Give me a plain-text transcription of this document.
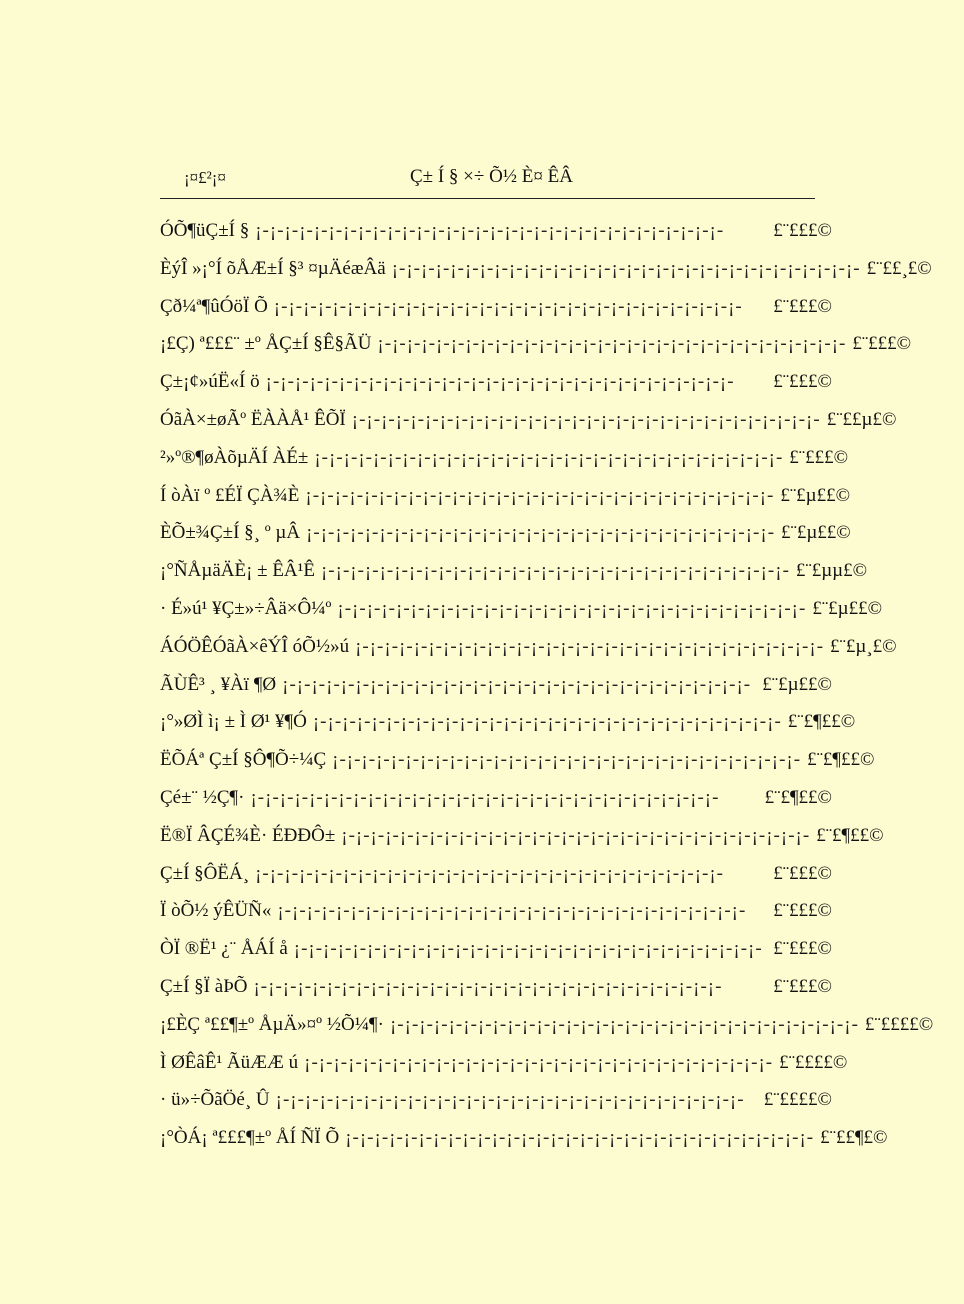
¡¤£²¡¤	Ç± Í § ×÷ Õ½ È¤ ÊÂ
ÓÕ¶üÇ±Í § ¡-¡-¡-¡-¡-¡-¡-¡-¡-¡-¡-¡-¡-¡-¡-¡-¡-¡-¡-¡-¡-¡-¡-¡-¡-¡-¡-¡-¡-¡-¡-¡-	£¨£££©
ÈýÎ »¡°Í õÅÆ±Í §³ ¤µÄéæÂä ¡-¡-¡-¡-¡-¡-¡-¡-¡-¡-¡-¡-¡-¡-¡-¡-¡-¡-¡-¡-¡-¡-¡-¡-¡-¡-¡-¡-¡-¡-¡-¡- £¨££¸£©
Çð¼ª¶ûÓöÏ Õ ¡-¡-¡-¡-¡-¡-¡-¡-¡-¡-¡-¡-¡-¡-¡-¡-¡-¡-¡-¡-¡-¡-¡-¡-¡-¡-¡-¡-¡-¡-¡-¡-	£¨£££©
¡£Ç) ª£££¨ ±º ÅÇ±Í §Ê§ÃÜ ¡-¡-¡-¡-¡-¡-¡-¡-¡-¡-¡-¡-¡-¡-¡-¡-¡-¡-¡-¡-¡-¡-¡-¡-¡-¡-¡-¡-¡-¡-¡-¡- £¨£££©
Ç±¡¢»úË«Í ö ¡-¡-¡-¡-¡-¡-¡-¡-¡-¡-¡-¡-¡-¡-¡-¡-¡-¡-¡-¡-¡-¡-¡-¡-¡-¡-¡-¡-¡-¡-¡-¡-	£¨£££©
ÓãÀ×±øÃº ËÀÀÅ¹ ÊÕÏ ¡-¡-¡-¡-¡-¡-¡-¡-¡-¡-¡-¡-¡-¡-¡-¡-¡-¡-¡-¡-¡-¡-¡-¡-¡-¡-¡-¡-¡-¡-¡-¡- £¨££µ£©
²»º®¶øÀõµÄÍ ÀÉ± ¡-¡-¡-¡-¡-¡-¡-¡-¡-¡-¡-¡-¡-¡-¡-¡-¡-¡-¡-¡-¡-¡-¡-¡-¡-¡-¡-¡-¡-¡-¡-¡- £¨£££©
Í òÀï º £ÉÏ ÇÀ¾È ¡-¡-¡-¡-¡-¡-¡-¡-¡-¡-¡-¡-¡-¡-¡-¡-¡-¡-¡-¡-¡-¡-¡-¡-¡-¡-¡-¡-¡-¡-¡-¡- £¨£µ££©
ÈÕ±¾Ç±Í §¸ º µÂ ¡-¡-¡-¡-¡-¡-¡-¡-¡-¡-¡-¡-¡-¡-¡-¡-¡-¡-¡-¡-¡-¡-¡-¡-¡-¡-¡-¡-¡-¡-¡-¡- £¨£µ££©
¡°ÑÅµäÄÈ¡ ± ÊÂ¹Ê ¡-¡-¡-¡-¡-¡-¡-¡-¡-¡-¡-¡-¡-¡-¡-¡-¡-¡-¡-¡-¡-¡-¡-¡-¡-¡-¡-¡-¡-¡-¡-¡- £¨£µµ£©
· É»ú¹ ¥Ç±»÷Âä×Ô¼º ¡-¡-¡-¡-¡-¡-¡-¡-¡-¡-¡-¡-¡-¡-¡-¡-¡-¡-¡-¡-¡-¡-¡-¡-¡-¡-¡-¡-¡-¡-¡-¡- £¨£µ££©
ÁÓÖÊÓãÀ×êÝÎ óÕ½»ú ¡-¡-¡-¡-¡-¡-¡-¡-¡-¡-¡-¡-¡-¡-¡-¡-¡-¡-¡-¡-¡-¡-¡-¡-¡-¡-¡-¡-¡-¡-¡-¡- £¨£µ¸£©
ÃÙÊ³ ¸ ¥Àï ¶Ø ¡-¡-¡-¡-¡-¡-¡-¡-¡-¡-¡-¡-¡-¡-¡-¡-¡-¡-¡-¡-¡-¡-¡-¡-¡-¡-¡-¡-¡-¡-¡-¡- £¨£µ££©
¡°»ØÌ ì¡ ± Ì Ø¹ ¥¶Ó ¡-¡-¡-¡-¡-¡-¡-¡-¡-¡-¡-¡-¡-¡-¡-¡-¡-¡-¡-¡-¡-¡-¡-¡-¡-¡-¡-¡-¡-¡-¡-¡- £¨£¶££©
ËÕÁª Ç±Í §Ô¶Õ÷¼Ç ¡-¡-¡-¡-¡-¡-¡-¡-¡-¡-¡-¡-¡-¡-¡-¡-¡-¡-¡-¡-¡-¡-¡-¡-¡-¡-¡-¡-¡-¡-¡-¡- £¨£¶££©
Çé±¨ ½Ç¶· ¡-¡-¡-¡-¡-¡-¡-¡-¡-¡-¡-¡-¡-¡-¡-¡-¡-¡-¡-¡-¡-¡-¡-¡-¡-¡-¡-¡-¡-¡-¡-¡-	£¨£¶££©
Ë®Ï ÂÇÉ¾È· ÉÐÐÔ± ¡-¡-¡-¡-¡-¡-¡-¡-¡-¡-¡-¡-¡-¡-¡-¡-¡-¡-¡-¡-¡-¡-¡-¡-¡-¡-¡-¡-¡-¡-¡-¡- £¨£¶££©
Ç±Í §ÔËÁ¸ ¡-¡-¡-¡-¡-¡-¡-¡-¡-¡-¡-¡-¡-¡-¡-¡-¡-¡-¡-¡-¡-¡-¡-¡-¡-¡-¡-¡-¡-¡-¡-¡-	£¨£££©
Ï òÕ½ ýÊÜÑ« ¡-¡-¡-¡-¡-¡-¡-¡-¡-¡-¡-¡-¡-¡-¡-¡-¡-¡-¡-¡-¡-¡-¡-¡-¡-¡-¡-¡-¡-¡-¡-¡-	£¨£££©
ÒÏ ®Ë¹ ¿¨ ÅÁÍ å ¡-¡-¡-¡-¡-¡-¡-¡-¡-¡-¡-¡-¡-¡-¡-¡-¡-¡-¡-¡-¡-¡-¡-¡-¡-¡-¡-¡-¡-¡-¡-¡- £¨£££©
Ç±Í §Ï àÞÕ ¡-¡-¡-¡-¡-¡-¡-¡-¡-¡-¡-¡-¡-¡-¡-¡-¡-¡-¡-¡-¡-¡-¡-¡-¡-¡-¡-¡-¡-¡-¡-¡-	£¨£££©
¡£ÈÇ ª££¶±º ÅµÄ»¤º ½Õ¼¶· ¡-¡-¡-¡-¡-¡-¡-¡-¡-¡-¡-¡-¡-¡-¡-¡-¡-¡-¡-¡-¡-¡-¡-¡-¡-¡-¡-¡-¡-¡-¡-¡- £¨££££©
Ì ØÊâÊ¹ ÃüÆÆ ú ¡-¡-¡-¡-¡-¡-¡-¡-¡-¡-¡-¡-¡-¡-¡-¡-¡-¡-¡-¡-¡-¡-¡-¡-¡-¡-¡-¡-¡-¡-¡-¡- £¨££££©
· ü»÷ÕãÖé¸ Û ¡-¡-¡-¡-¡-¡-¡-¡-¡-¡-¡-¡-¡-¡-¡-¡-¡-¡-¡-¡-¡-¡-¡-¡-¡-¡-¡-¡-¡-¡-¡-¡-	£¨££££©
¡°ÒÁ¡ ª£££¶±º ÅÍ ÑÏ Õ ¡-¡-¡-¡-¡-¡-¡-¡-¡-¡-¡-¡-¡-¡-¡-¡-¡-¡-¡-¡-¡-¡-¡-¡-¡-¡-¡-¡-¡-¡-¡-¡- £¨££¶£©
